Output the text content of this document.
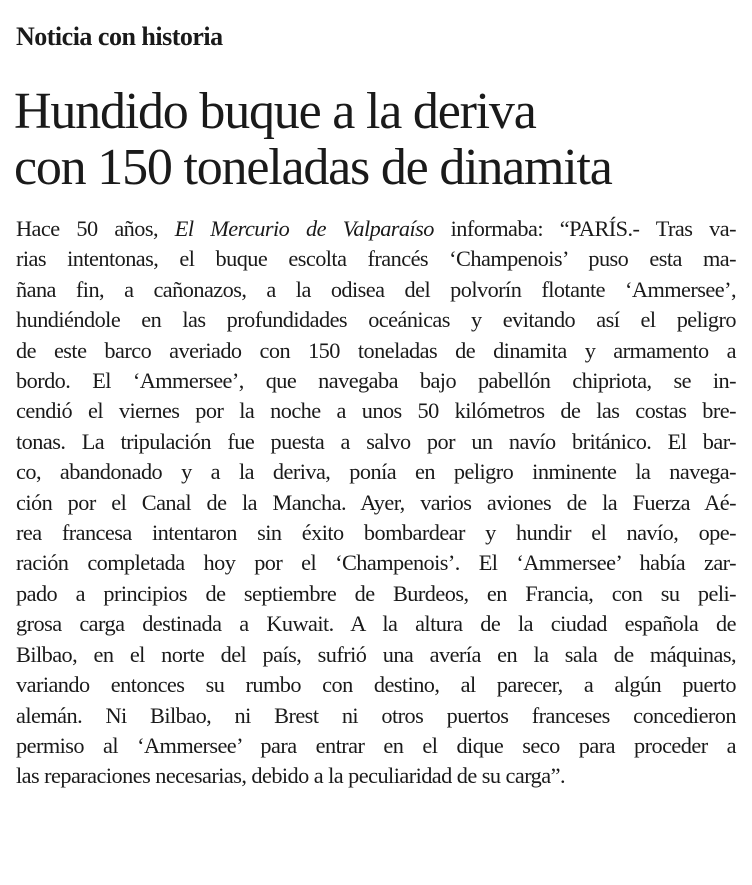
Noticia con historia
Hundido buque a la deriva
con 150 toneladas de dinamita
Hace 50 años, El Mercurio de Valparaíso informaba: “PARÍS.- Tras va-
rias intentonas, el buque escolta francés ‘Champenois’ puso esta ma-
ñana fin, a cañonazos, a la odisea del polvorín flotante ‘Ammersee’,
hundiéndole en las profundidades oceánicas y evitando así el peligro
de este barco averiado con 150 toneladas de dinamita y armamento a
bordo. El ‘Ammersee’, que navegaba bajo pabellón chipriota, se in-
cendió el viernes por la noche a unos 50 kilómetros de las costas bre-
tonas. La tripulación fue puesta a salvo por un navío británico. El bar-
co, abandonado y a la deriva, ponía en peligro inminente la navega-
ción por el Canal de la Mancha. Ayer, varios aviones de la Fuerza Aé-
rea francesa intentaron sin éxito bombardear y hundir el navío, ope-
ración completada hoy por el ‘Champenois’. El ‘Ammersee’ había zar-
pado a principios de septiembre de Burdeos, en Francia, con su peli-
grosa carga destinada a Kuwait. A la altura de la ciudad española de
Bilbao, en el norte del país, sufrió una avería en la sala de máquinas,
variando entonces su rumbo con destino, al parecer, a algún puerto
alemán. Ni Bilbao, ni Brest ni otros puertos franceses concedieron
permiso al ‘Ammersee’ para entrar en el dique seco para proceder a
las reparaciones necesarias, debido a la peculiaridad de su carga”.
